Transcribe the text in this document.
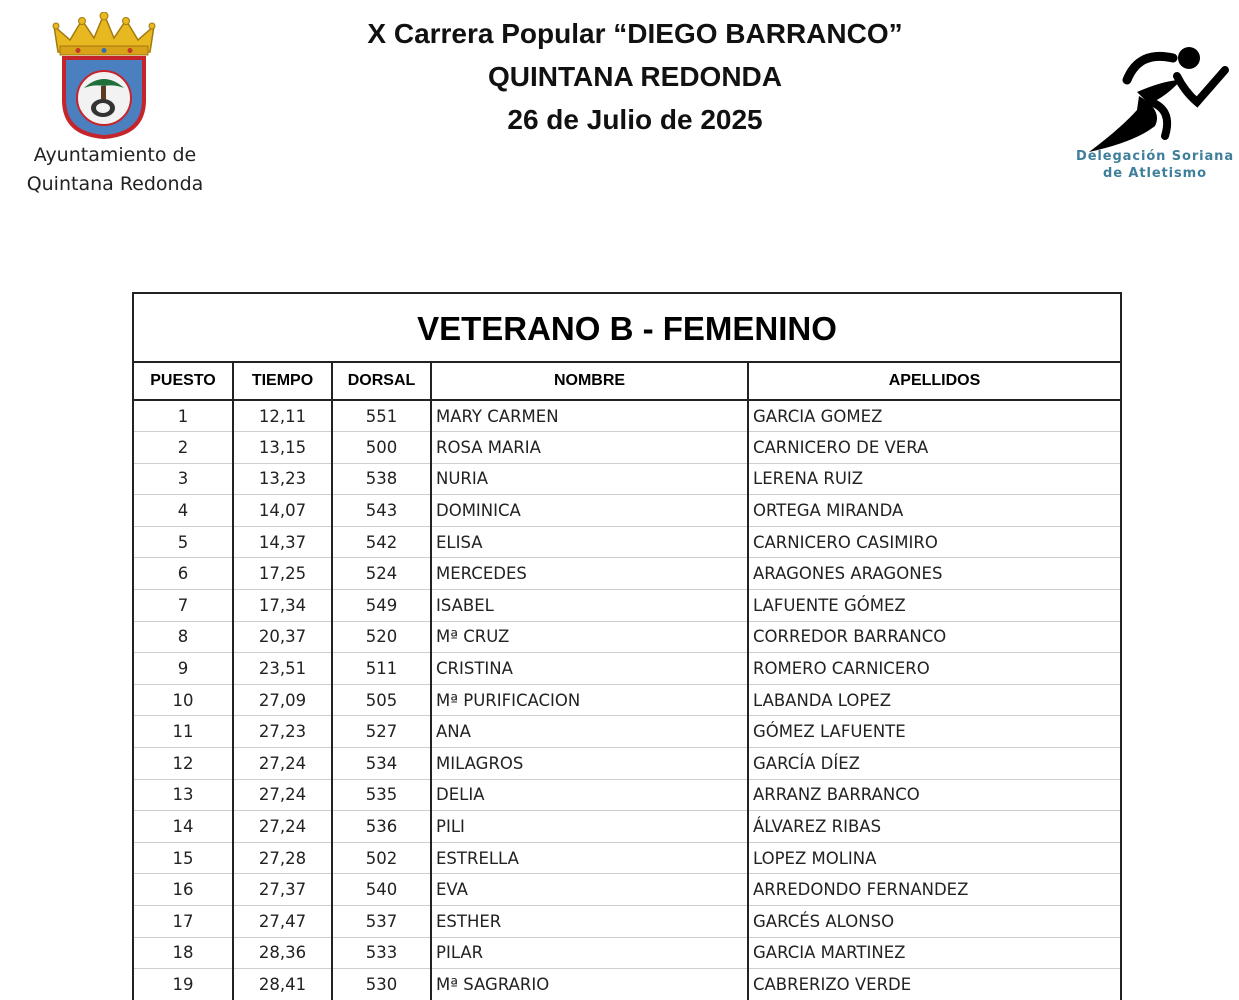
X Carrera Popular “DIEGO BARRANCO”
QUINTANA REDONDA
26 de Julio de 2025
Ayuntamiento de
Quintana Redonda
Delegación Soriana
de Atletismo
VETERANO B - FEMENINO
PUESTO	TIEMPO	DORSAL	NOMBRE	APELLIDOS
1	12,11	551	MARY CARMEN	GARCIA GOMEZ
2	13,15	500	ROSA MARIA	CARNICERO DE VERA
3	13,23	538	NURIA	LERENA RUIZ
4	14,07	543	DOMINICA	ORTEGA MIRANDA
5	14,37	542	ELISA	CARNICERO CASIMIRO
6	17,25	524	MERCEDES	ARAGONES ARAGONES
7	17,34	549	ISABEL	LAFUENTE GÓMEZ
8	20,37	520	Mª CRUZ	CORREDOR BARRANCO
9	23,51	511	CRISTINA	ROMERO CARNICERO
10	27,09	505	Mª PURIFICACION	LABANDA LOPEZ
11	27,23	527	ANA	GÓMEZ LAFUENTE
12	27,24	534	MILAGROS	GARCÍA DÍEZ
13	27,24	535	DELIA	ARRANZ BARRANCO
14	27,24	536	PILI	ÁLVAREZ RIBAS
15	27,28	502	ESTRELLA	LOPEZ MOLINA
16	27,37	540	EVA	ARREDONDO FERNANDEZ
17	27,47	537	ESTHER	GARCÉS ALONSO
18	28,36	533	PILAR	GARCIA MARTINEZ
19	28,41	530	Mª SAGRARIO	CABRERIZO VERDE
